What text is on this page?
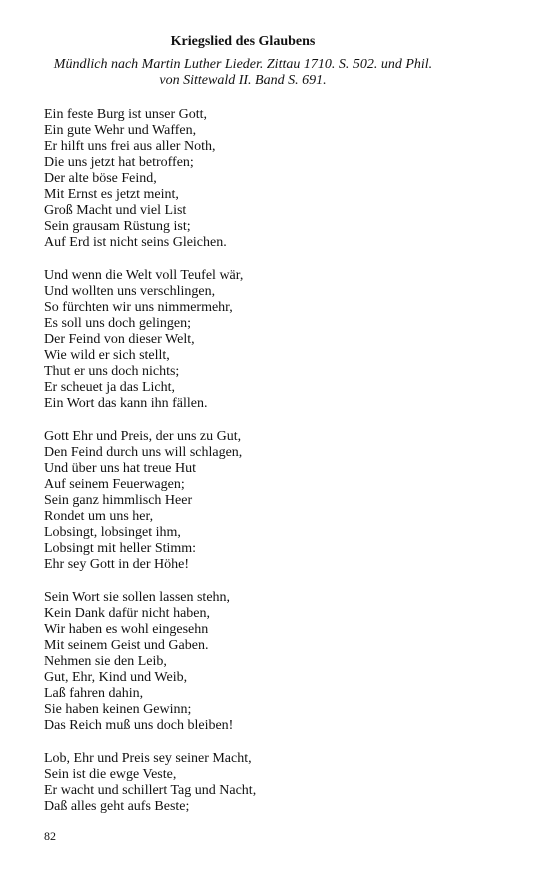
Kriegslied des Glaubens
Mündlich nach Martin Luther Lieder. Zittau 1710. S. 502. und Phil.
von Sittewald II. Band S. 691.
Ein feste Burg ist unser Gott,
Ein gute Wehr und Waffen,
Er hilft uns frei aus aller Noth,
Die uns jetzt hat betroffen;
Der alte böse Feind,
Mit Ernst es jetzt meint,
Groß Macht und viel List
Sein grausam Rüstung ist;
Auf Erd ist nicht seins Gleichen.
Und wenn die Welt voll Teufel wär,
Und wollten uns verschlingen,
So fürchten wir uns nimmermehr,
Es soll uns doch gelingen;
Der Feind von dieser Welt,
Wie wild er sich stellt,
Thut er uns doch nichts;
Er scheuet ja das Licht,
Ein Wort das kann ihn fällen.
Gott Ehr und Preis, der uns zu Gut,
Den Feind durch uns will schlagen,
Und über uns hat treue Hut
Auf seinem Feuerwagen;
Sein ganz himmlisch Heer
Rondet um uns her,
Lobsingt, lobsinget ihm,
Lobsingt mit heller Stimm:
Ehr sey Gott in der Höhe!
Sein Wort sie sollen lassen stehn,
Kein Dank dafür nicht haben,
Wir haben es wohl eingesehn
Mit seinem Geist und Gaben.
Nehmen sie den Leib,
Gut, Ehr, Kind und Weib,
Laß fahren dahin,
Sie haben keinen Gewinn;
Das Reich muß uns doch bleiben!
Lob, Ehr und Preis sey seiner Macht,
Sein ist die ewge Veste,
Er wacht und schillert Tag und Nacht,
Daß alles geht aufs Beste;
82
